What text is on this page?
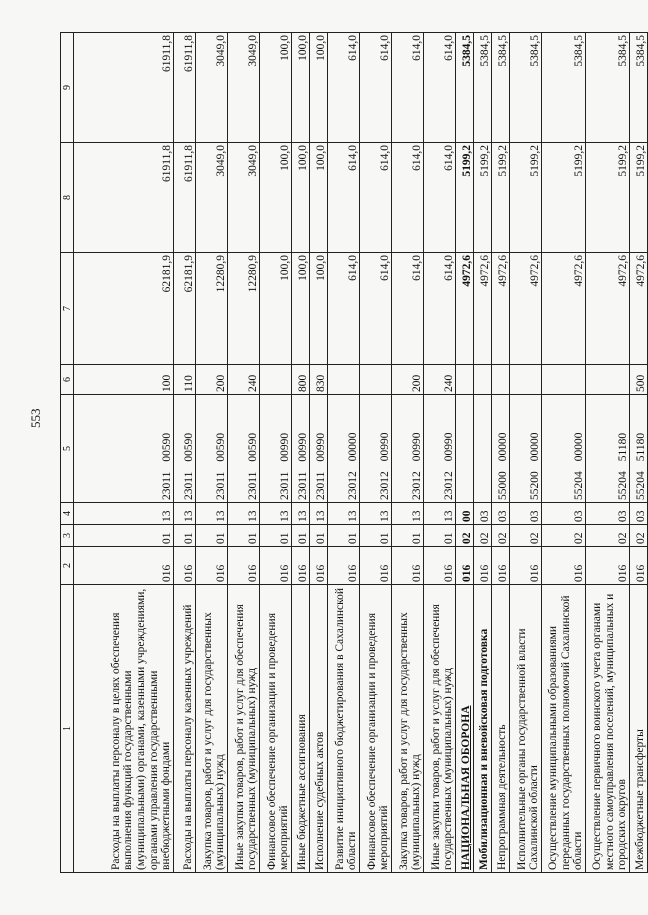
553
1	2	3	4	5	6	7	8	9
Расходы на выплаты персоналу в целях обеспечения выполнения функций государственными (муниципальными) органами, казенными учреждениями, органами управления государственными внебюджетными фондами	016	01	13	2301100590	100	62181,9	61911,8	61911,8
Расходы на выплаты персоналу казенных учреждений	016	01	13	2301100590	110	62181,9	61911,8	61911,8
Закупка товаров, работ и услуг для государственных (муниципальных) нужд	016	01	13	2301100590	200	12280,9	3049,0	3049,0
Иные закупки товаров, работ и услуг для обеспечения государственных (муниципальных) нужд	016	01	13	2301100590	240	12280,9	3049,0	3049,0
Финансовое обеспечение организации и проведения мероприятий	016	01	13	2301100990		100,0	100,0	100,0
Иные бюджетные ассигнования	016	01	13	2301100990	800	100,0	100,0	100,0
Исполнение судебных актов	016	01	13	2301100990	830	100,0	100,0	100,0
Развитие инициативного бюджетирования в Сахалинской области	016	01	13	2301200000		614,0	614,0	614,0
Финансовое обеспечение организации и проведения мероприятий	016	01	13	2301200990		614,0	614,0	614,0
Закупка товаров, работ и услуг для государственных (муниципальных) нужд	016	01	13	2301200990	200	614,0	614,0	614,0
Иные закупки товаров, работ и услуг для обеспечения государственных (муниципальных) нужд	016	01	13	2301200990	240	614,0	614,0	614,0
НАЦИОНАЛЬНАЯ ОБОРОНА	016	02	00			4972,6	5199,2	5384,5
Мобилизационная и вневойсковая подготовка	016	02	03			4972,6	5199,2	5384,5
Непрограммная деятельность	016	02	03	5500000000		4972,6	5199,2	5384,5
Исполнительные органы государственной власти Сахалинской области	016	02	03	5520000000		4972,6	5199,2	5384,5
Осуществление муниципальными образованиями переданных государственных полномочий Сахалинской области	016	02	03	5520400000		4972,6	5199,2	5384,5
Осуществление первичного воинского учета органами местного самоуправления поселений, муниципальных и городских округов	016	02	03	5520451180		4972,6	5199,2	5384,5
Межбюджетные трансферты	016	02	03	5520451180	500	4972,6	5199,2	5384,5
